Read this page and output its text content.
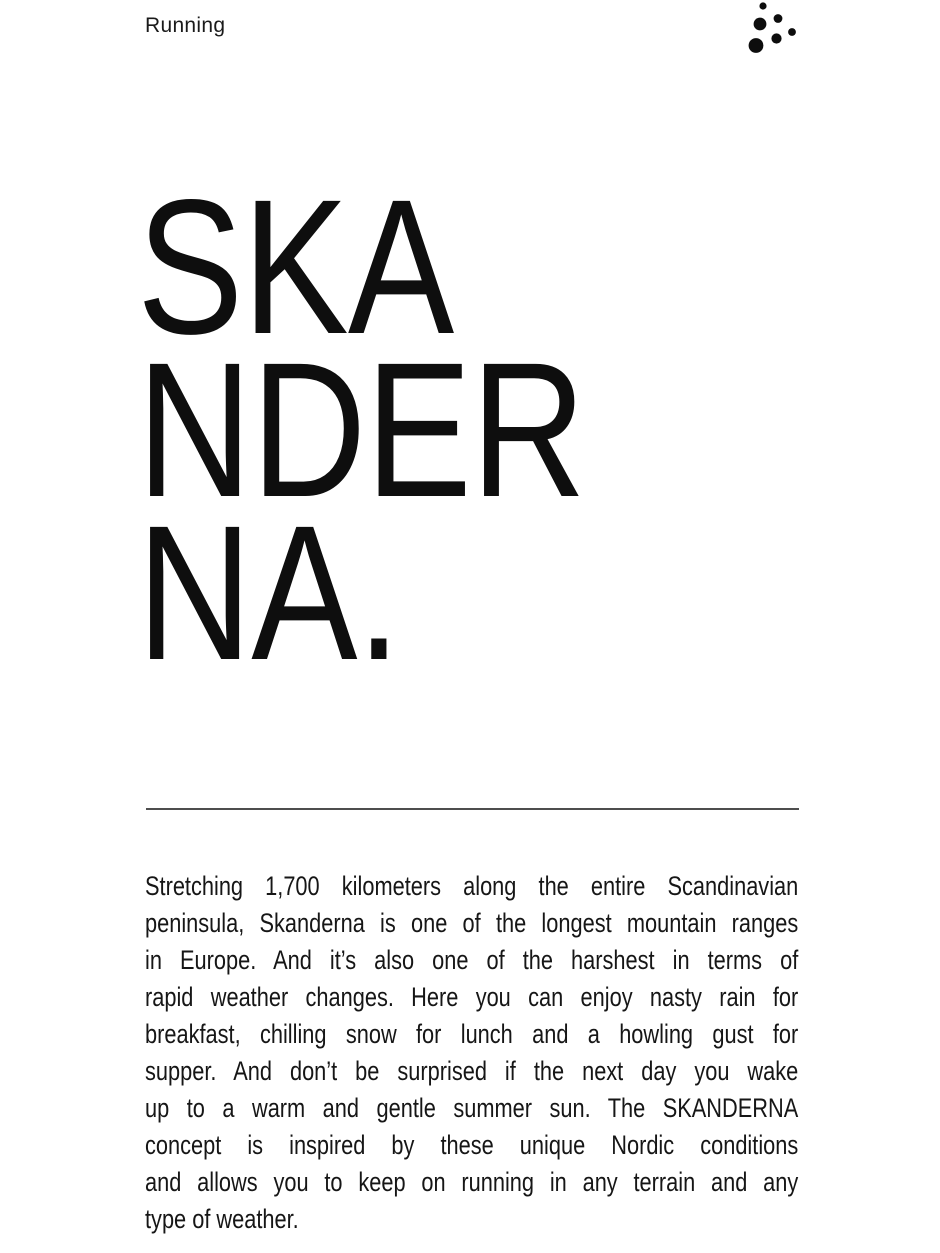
Running
SKA
NDER
NA.
Stretching 1,700 kilometers along the entire Scandinavian
peninsula, Skanderna is one of the longest mountain ranges
in Europe. And it’s also one of the harshest in terms of
rapid weather changes. Here you can enjoy nasty rain for
breakfast, chilling snow for lunch and a howling gust for
supper. And don’t be surprised if the next day you wake
up to a warm and gentle summer sun. The SKANDERNA
concept is inspired by these unique Nordic conditions
and allows you to keep on running in any terrain and any
type of weather.
